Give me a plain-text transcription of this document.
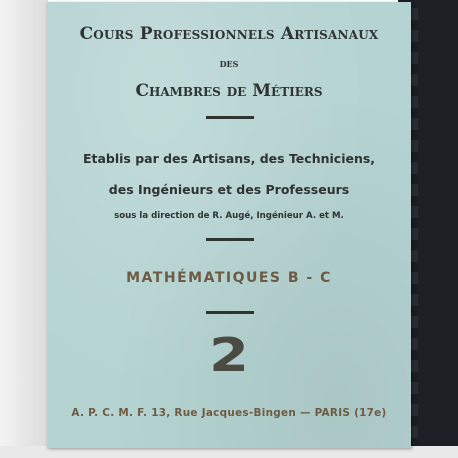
Cours Professionnels Artisanaux
des
Chambres de Métiers
Etablis par des Artisans, des Techniciens,
des Ingénieurs et des Professeurs
sous la direction de R. Augé, Ingénieur A. et M.
MATHÉMATIQUES B - C
2
A. P. C. M. F. 13, Rue Jacques-Bingen — PARIS (17e)
